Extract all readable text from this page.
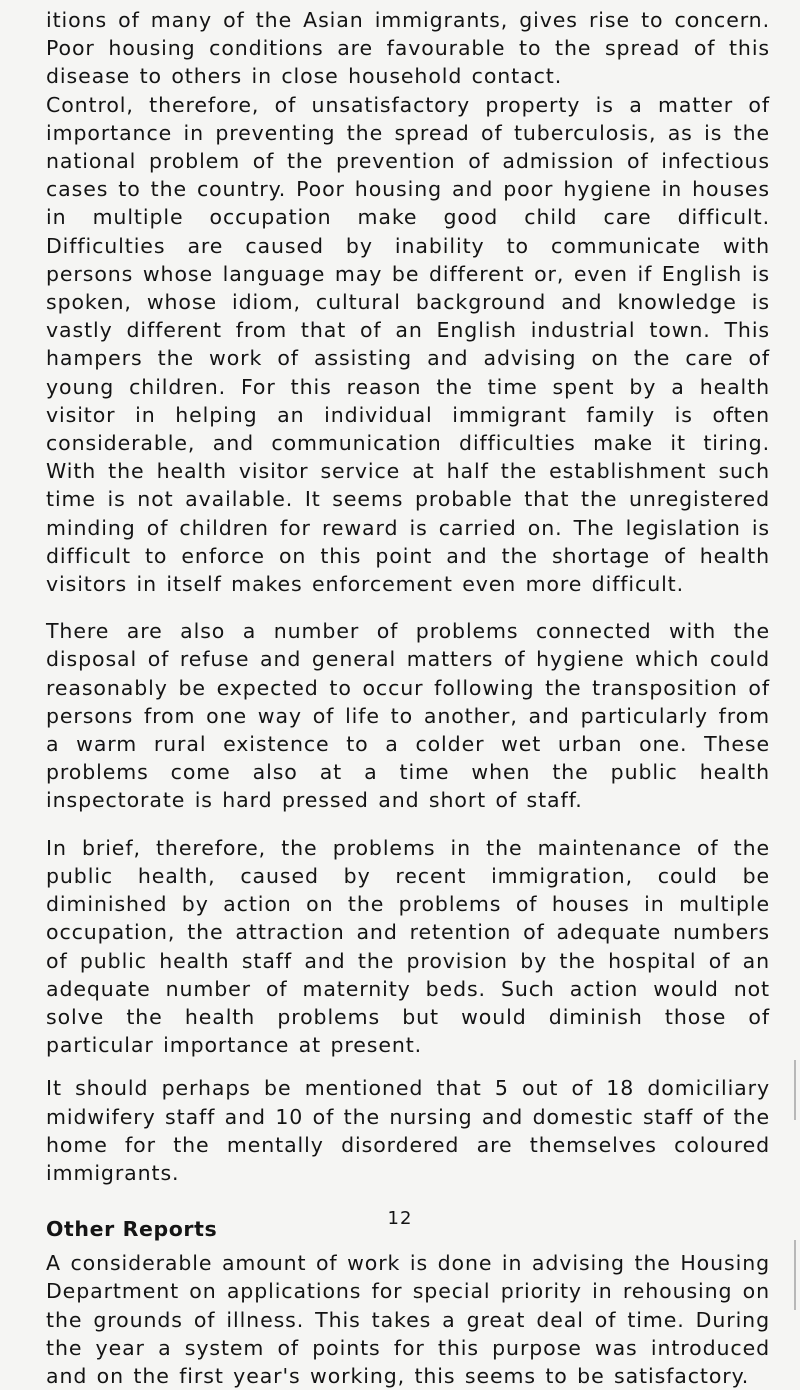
itions of many of the Asian immigrants, gives rise to concern. Poor housing conditions are favourable to the spread of this disease to others in close household contact.

Control, therefore, of unsatisfactory property is a matter of importance in preventing the spread of tuberculosis, as is the national problem of the prevention of admission of infectious cases to the country. Poor housing and poor hygiene in houses in multiple occupation make good child care difficult. Difficulties are caused by inability to communicate with persons whose language may be different or, even if English is spoken, whose idiom, cultural background and knowledge is vastly different from that of an English industrial town. This hampers the work of assisting and advising on the care of young children. For this reason the time spent by a health visitor in helping an individual immigrant family is often considerable, and communication difficulties make it tiring. With the health visitor service at half the establishment such time is not available. It seems probable that the unregistered minding of children for reward is carried on. The legislation is difficult to enforce on this point and the shortage of health visitors in itself makes enforcement even more difficult.

There are also a number of problems connected with the disposal of refuse and general matters of hygiene which could reasonably be expected to occur following the transposition of persons from one way of life to another, and particularly from a warm rural existence to a colder wet urban one. These problems come also at a time when the public health inspectorate is hard pressed and short of staff.

In brief, therefore, the problems in the maintenance of the public health, caused by recent immigration, could be diminished by action on the problems of houses in multiple occupation, the attraction and retention of adequate numbers of public health staff and the provision by the hospital of an adequate number of maternity beds. Such action would not solve the health problems but would diminish those of particular importance at present.

It should perhaps be mentioned that 5 out of 18 domiciliary midwifery staff and 10 of the nursing and domestic staff of the home for the mentally disordered are themselves coloured immigrants.

Other Reports

A considerable amount of work is done in advising the Housing Department on applications for special priority in rehousing on the grounds of illness. This takes a great deal of time. During the year a system of points for this purpose was introduced and on the first year's working, this seems to be satisfactory.

12
